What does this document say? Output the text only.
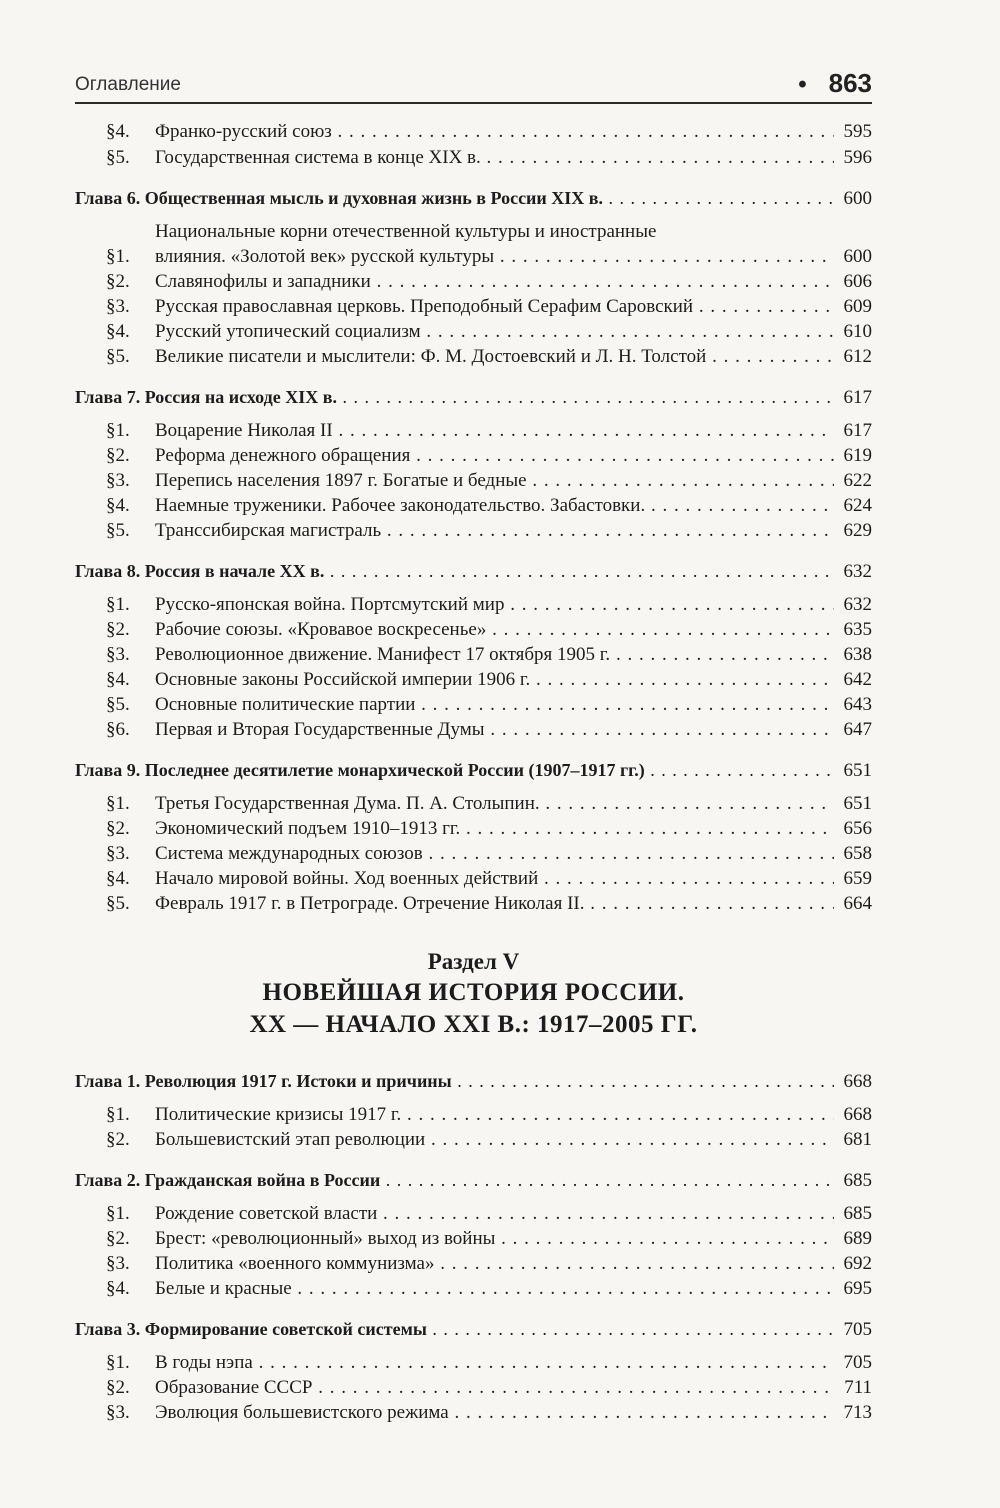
Оглавление	• 863
§4. Франко-русский союз . . .	595
§5. Государственная система в конце XIX в. . . .	596
Глава 6. Общественная мысль и духовная жизнь в России XIX в. . . .	600
Национальные корни отечественной культуры и иностранные
§1. влияния. «Золотой век» русской культуры . . .	600
§2. Славянофилы и западники . . .	606
§3. Русская православная церковь. Преподобный Серафим Саровский . . .	609
§4. Русский утопический социализм . . .	610
§5. Великие писатели и мыслители: Ф. М. Достоевский и Л. Н. Толстой . . .	612
Глава 7. Россия на исходе XIX в. . . .	617
§1. Воцарение Николая II . . .	617
§2. Реформа денежного обращения . . .	619
§3. Перепись населения 1897 г. Богатые и бедные . . .	622
§4. Наемные труженики. Рабочее законодательство. Забастовки. . . .	624
§5. Транссибирская магистраль . . .	629
Глава 8. Россия в начале XX в. . . .	632
§1. Русско-японская война. Портсмутский мир . . .	632
§2. Рабочие союзы. «Кровавое воскресенье» . . .	635
§3. Революционное движение. Манифест 17 октября 1905 г. . . .	638
§4. Основные законы Российской империи 1906 г. . . .	642
§5. Основные политические партии . . .	643
§6. Первая и Вторая Государственные Думы . . .	647
Глава 9. Последнее десятилетие монархической России (1907–1917 гг.) . . .	651
§1. Третья Государственная Дума. П. А. Столыпин. . . .	651
§2. Экономический подъем 1910–1913 гг. . . .	656
§3. Система международных союзов . . .	658
§4. Начало мировой войны. Ход военных действий . . .	659
§5. Февраль 1917 г. в Петрограде. Отречение Николая II. . . .	664
Раздел V
НОВЕЙШАЯ ИСТОРИЯ РОССИИ.
XX — НАЧАЛО XXI В.: 1917–2005 ГГ.
Глава 1. Революция 1917 г. Истоки и причины . . .	668
§1. Политические кризисы 1917 г. . . .	668
§2. Большевистский этап революции . . .	681
Глава 2. Гражданская война в России . . .	685
§1. Рождение советской власти . . .	685
§2. Брест: «революционный» выход из войны . . .	689
§3. Политика «военного коммунизма» . . .	692
§4. Белые и красные . . .	695
Глава 3. Формирование советской системы . . .	705
§1. В годы нэпа . . .	705
§2. Образование СССР . . .	711
§3. Эволюция большевистского режима . . .	713
